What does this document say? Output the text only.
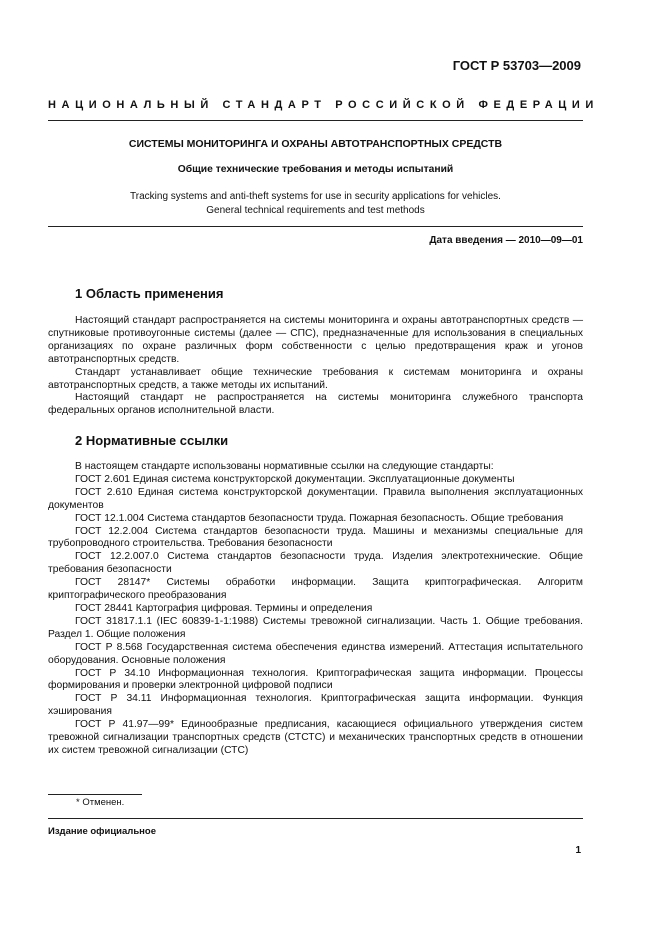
ГОСТ Р 53703—2009
НАЦИОНАЛЬНЫЙ СТАНДАРТ РОССИЙСКОЙ ФЕДЕРАЦИИ
СИСТЕМЫ МОНИТОРИНГА И ОХРАНЫ АВТОТРАНСПОРТНЫХ СРЕДСТВ
Общие технические требования и методы испытаний
Tracking systems and anti-theft systems for use in security applications for vehicles.
General technical requirements and test methods
Дата введения — 2010—09—01
1 Область применения

Настоящий стандарт распространяется на системы мониторинга и охраны автотранспортных средств — спутниковые противоугонные системы (далее — СПС), предназначенные для использования в специальных организациях по охране различных форм собственности с целью предотвращения краж и угонов автотранспортных средств.

Стандарт устанавливает общие технические требования к системам мониторинга и охраны автотранспортных средств, а также методы их испытаний.

Настоящий стандарт не распространяется на системы мониторинга служебного транспорта федеральных органов исполнительной власти.

2 Нормативные ссылки

В настоящем стандарте использованы нормативные ссылки на следующие стандарты:

ГОСТ 2.601 Единая система конструкторской документации. Эксплуатационные документы

ГОСТ 2.610 Единая система конструкторской документации. Правила выполнения эксплуатационных документов

ГОСТ 12.1.004 Система стандартов безопасности труда. Пожарная безопасность. Общие требования

ГОСТ 12.2.004 Система стандартов безопасности труда. Машины и механизмы специальные для трубопроводного строительства. Требования безопасности

ГОСТ 12.2.007.0 Система стандартов безопасности труда. Изделия электротехнические. Общие требования безопасности

ГОСТ 28147* Системы обработки информации. Защита криптографическая. Алгоритм криптографического преобразования

ГОСТ 28441 Картография цифровая. Термины и определения

ГОСТ 31817.1.1 (IEC 60839-1-1:1988) Системы тревожной сигнализации. Часть 1. Общие требования. Раздел 1. Общие положения

ГОСТ Р 8.568 Государственная система обеспечения единства измерений. Аттестация испытательного оборудования. Основные положения

ГОСТ Р 34.10 Информационная технология. Криптографическая защита информации. Процессы формирования и проверки электронной цифровой подписи

ГОСТ Р 34.11 Информационная технология. Криптографическая защита информации. Функция хэширования

ГОСТ Р 41.97—99* Единообразные предписания, касающиеся официального утверждения систем тревожной сигнализации транспортных средств (СТСТС) и механических транспортных средств в отношении их систем тревожной сигнализации (СТС)

* Отменен.
Издание официальное
1
